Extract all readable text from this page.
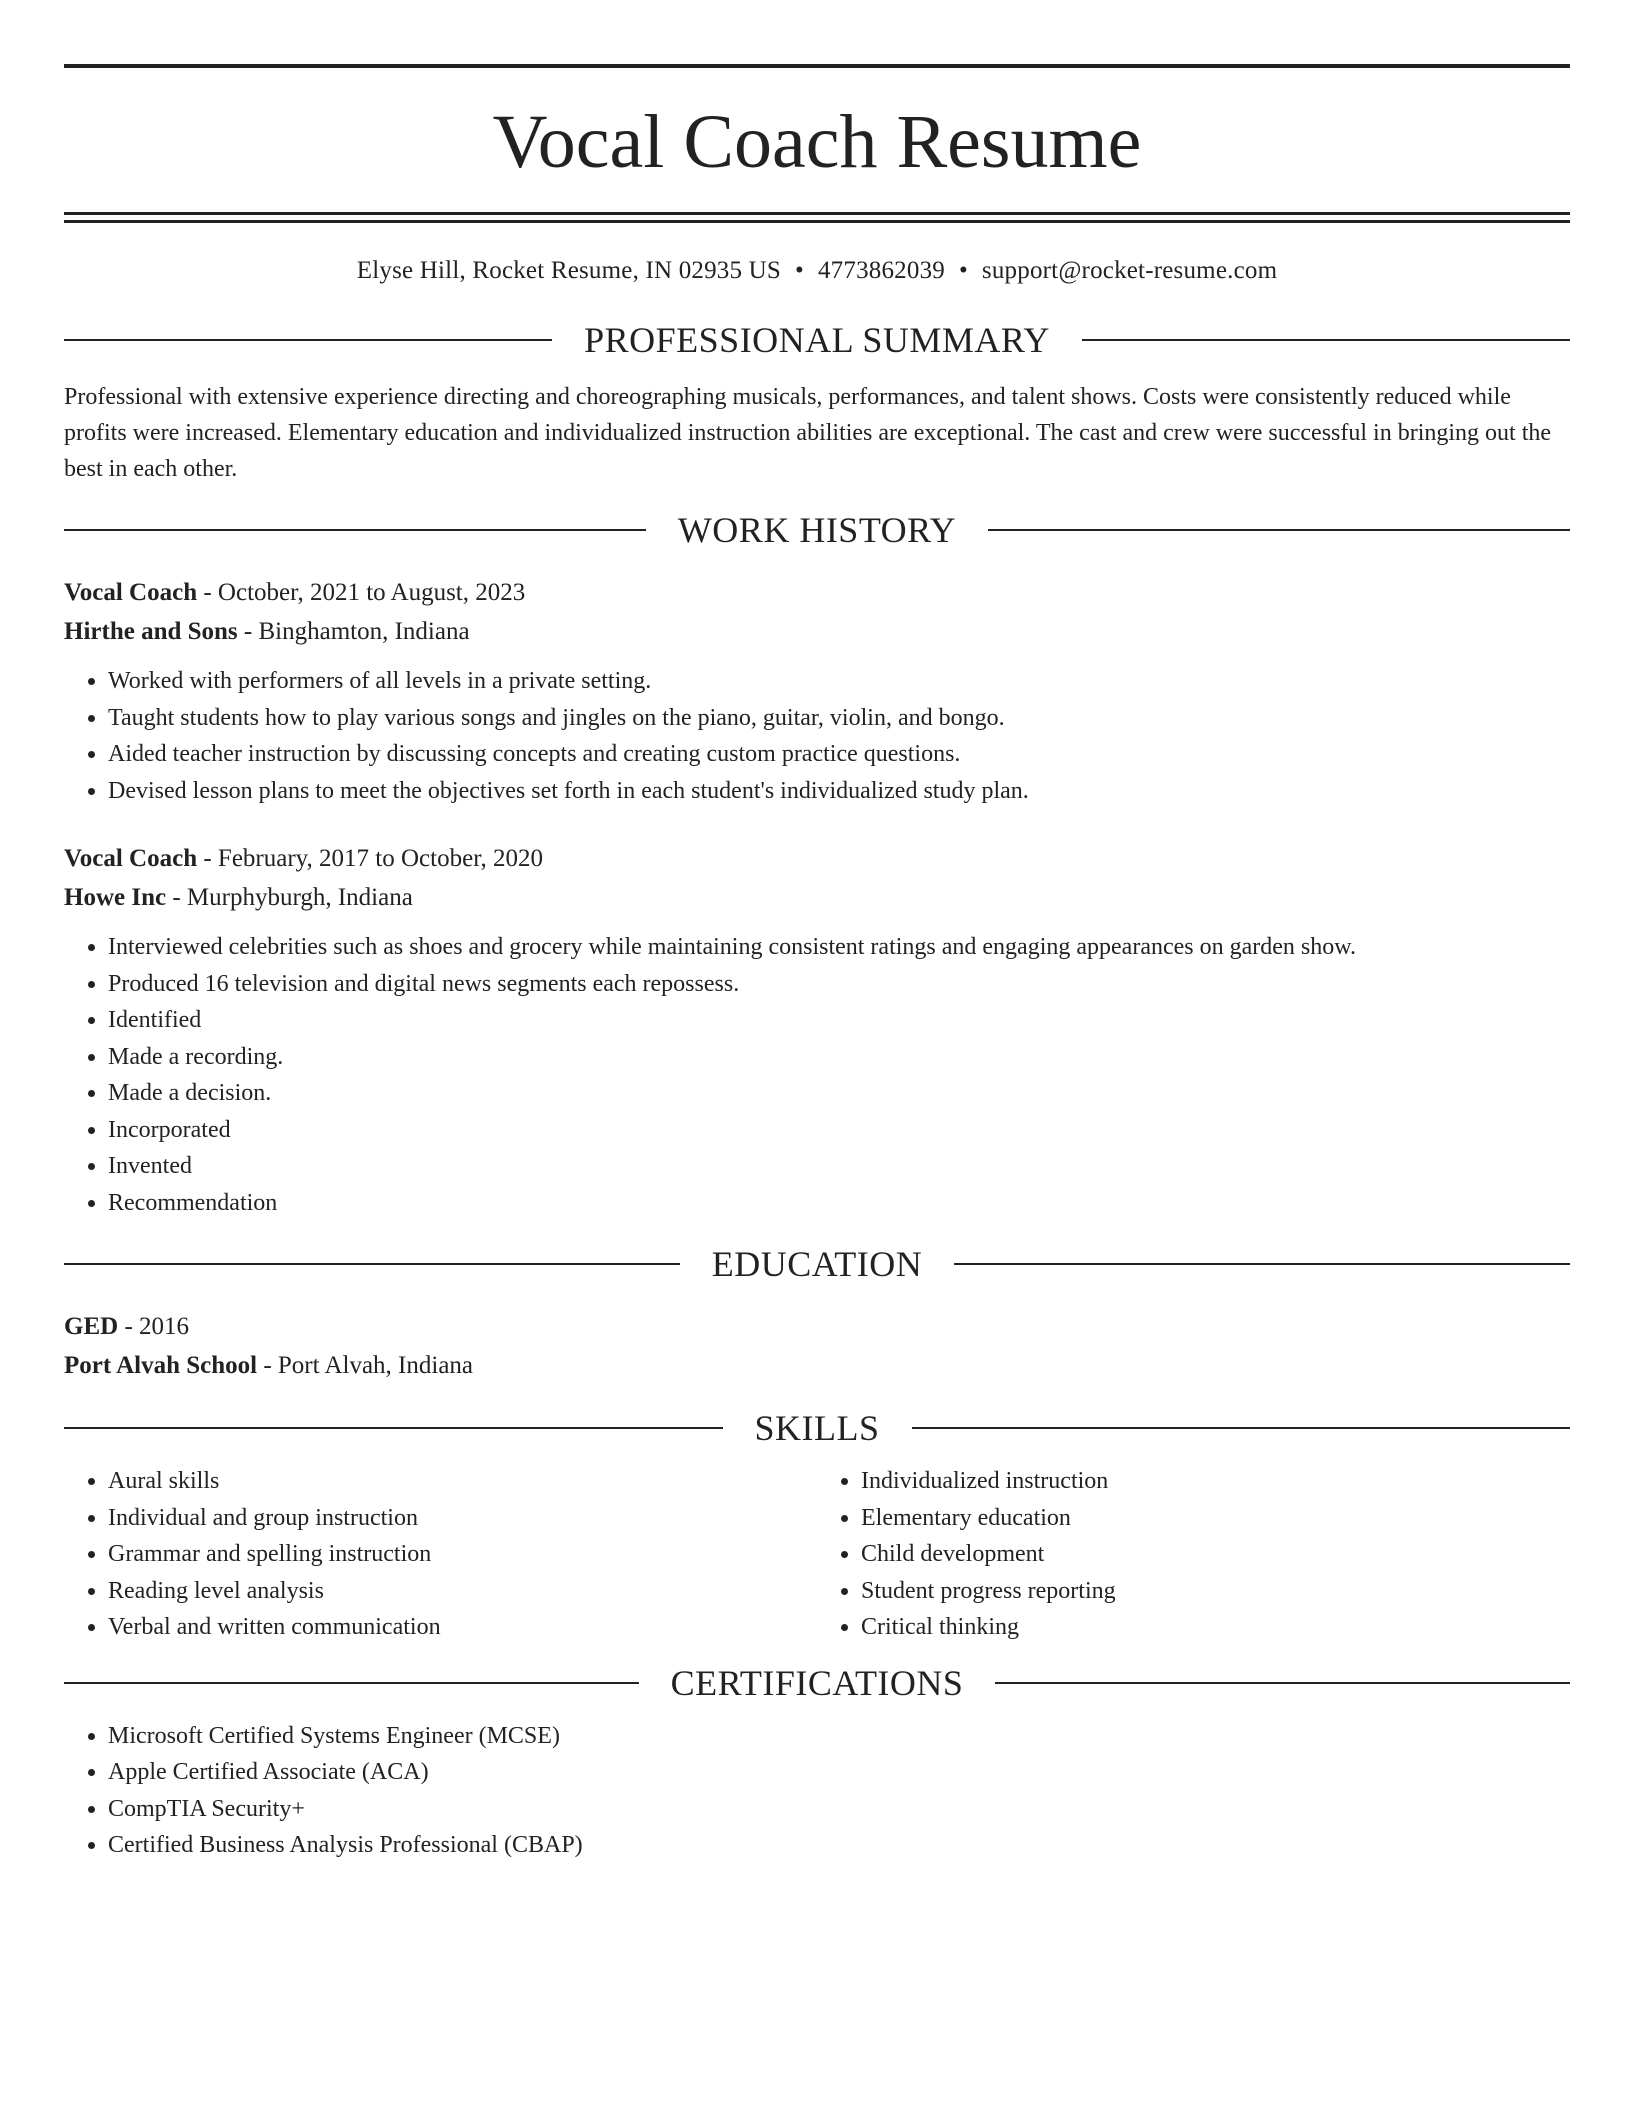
Vocal Coach Resume
Elyse Hill, Rocket Resume, IN 02935 US • 4773862039 • support@rocket-resume.com
PROFESSIONAL SUMMARY

Professional with extensive experience directing and choreographing musicals, performances, and talent shows. Costs were consistently reduced while profits were increased. Elementary education and individualized instruction abilities are exceptional. The cast and crew were successful in bringing out the best in each other.

WORK HISTORY
Vocal Coach - October, 2021 to August, 2023
Hirthe and Sons - Binghamton, Indiana
• Worked with performers of all levels in a private setting.
• Taught students how to play various songs and jingles on the piano, guitar, violin, and bongo.
• Aided teacher instruction by discussing concepts and creating custom practice questions.
• Devised lesson plans to meet the objectives set forth in each student's individualized study plan.
Vocal Coach - February, 2017 to October, 2020
Howe Inc - Murphyburgh, Indiana
• Interviewed celebrities such as shoes and grocery while maintaining consistent ratings and engaging appearances on garden show.
• Produced 16 television and digital news segments each repossess.
• Identified
• Made a recording.
• Made a decision.
• Incorporated
• Invented
• Recommendation
EDUCATION
GED - 2016
Port Alvah School - Port Alvah, Indiana
SKILLS
• Aural skills
• Individual and group instruction
• Grammar and spelling instruction
• Reading level analysis
• Verbal and written communication
• Individualized instruction
• Elementary education
• Child development
• Student progress reporting
• Critical thinking
CERTIFICATIONS
• Microsoft Certified Systems Engineer (MCSE)
• Apple Certified Associate (ACA)
• CompTIA Security+
• Certified Business Analysis Professional (CBAP)
